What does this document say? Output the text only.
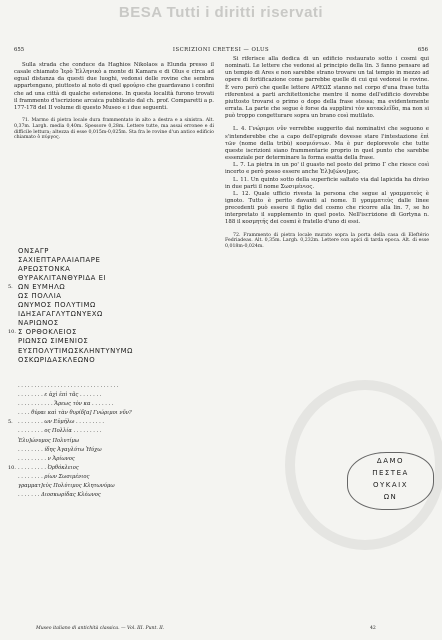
BESA Tutti i diritti riservati
655	ISCRIZIONI CRETESI — OLUS	656

Sulla strada che conduce da Haghios Nikolaos a Elunda presso il casale chiamato Ἰερὸ Ἑλληνικὸ a monte di Kamara e di Olus e circa ad egual distanza da questi due luoghi, vedonsi delle rovine che sembra appartengano, piuttosto al noto di quel φρούριο che guardavano i confini che ad una città di qualche estensione. In questa località furono trovati il frammento d'iscrizione arcaica pubblicato dal ch. prof. Comparetti a p. 177-178 del II volume di questo Museo e i due seguenti.

71. Marmo di pietra locale dura frammentato in alto a destra e a sinistra. Alt. 0,37m. Largh. media 0,40m. Spessore 0,28m. Lettere tutte, ma assai erronee e di difficile lettura; altezza di esse 0,015m-0,025m. Sta fra le rovine d'un antico edificio chiamato ὁ πύργος.

ΟΝΣΑΓΡ
ΣΑΧΙΕΠΤΑΡΛΑΙΑΠΑΡΕ
ΑΡΕΩΣΤΟΝΚΑ
ΘΥΡΑΚΛΙΤΑΝΘΥΡΙΔΑ ΕΙ
5. ΩΝ ΕΥΜΗΛΩ
ΩΣ ΠΟΛΛΙΑ
ΩΝΥΜΟΣ ΠΟΛΥΤΙΜΩ
ΙΔΗΣΑΓΑΓΛΥΤΩΝΥΕΧΩ
ΝΑΡΙΩΝΟΣ
10. Σ ΟΡΘΟΚΛΕΙΟΣ
ΡΙΩΝΣΩ ΣΙΜΕΝΙΟΣ
ΕΥΣΠΟΛΥΤΙΜΩΣΚΛΗΝΤΥΝΥΜΩ
ΟΣΚΩΡΙΔΑΣΚΛΕΩΝΟ
. . . . . . . . . . . . . . . . . . . . . . . . . . . . . . .
. . . . . . . . ε ἀχὶ ἐπὶ τᾶς . . . . . . .
. . . . . . . . . . . Ἄρεως τὸν κα . . . . . . .
. . . . θύραι καὶ τὰν θυρίδ[α] Γνώριμοι νῦν?
5. . . . . . . . . ων Εὐμήλω . . . . . . . . .
. . . . . . . . ος Πολλία . . . . . . . . .
Ἐλυ]ώνυμος Πολυτίμω
. . . . . . . . ίδης Ἀγαγλύτω Ἠύχω
. . . . . . . . . ν Ἀρίωνος
10. . . . . . . . . . Ὀρθόκλειος
. . . . . . . . ρίων Σωσιμένιος
γραμματ]εὺς Πολύτιμος Κλητωνύμω
. . . . . . . Διοσκωρίδας Κλέωνος

Si riferisce alla dedica di un edificio restaurato sotto i cosmi qui nominati. Le lettere che vedonsi al principio della lin. 3 fanno pensare ad un tempio di Ares e non sarebbe strano trovare un tal tempio in mezzo ad opere di fortificazione come parrebbe quelle di cui qui vedonsi le rovine. È vero però che quelle lettere ΑΡΕΩΣ stanno nel corpo d'una frase tutta riferentesi a parti architettoniche mentre il nome dell'edificio dovrebbe piuttosto trovarsi o primo o dopo della frase stessa; ma evidentemente errata. La parte che segue è forse da supplirsi τὸν κατακλεῖδα, ma non si può troppo congetturare sopra un brano così mutilato.

L. 4. Γνώριμοι νῦν verrebbe suggerito dai nominativi che seguono e s'intenderebbe che a capo dell'epigrafe dovesse stare l'intestazione ἐπὶ τῶν (nome della tribù) κοσμιόντων. Ma è pur deplorevole che tutte queste iscrizioni siano frammentarie proprio in quel punto che sarebbe essenziale per determinare la forma esatta della frase.

L. 7. La pietra in un po' il guasto nel posto del primo Γ che riesce così incerto e però posso essere anche Ἐλ]υ[ώνυ]μος.

L. 11. Un quinto sotto della superficie saltato via dal lapicida ha diviso in due parti il nome Σωσιμένιος.

L. 12. Quale ufficio rivesta la persona che segue al γραμματεὺς è ignoto. Tutto è perito davanti al nome. Il γραμματεὺς dalle linee precedenti può essere il figlio del cosmo che ricorre alla lin. 7, se ho interpretato il supplemento in quel posto. Nell'iscrizione di Gortyna n. 188 il κοσμητής dei cosmi è fratello d'uno di essi.

72. Frammento di pietra locale murato sopra la porta della casa di Eleftério Fedriadeas. Alt. 0,35m. Largh. 0,232m. Lettere con apici di tarda epoca. Alt. di esse 0,018m-0,024m.

ΔΑΜΟ
ΠΕΣΤΕΑ
ΟΥΚΑΙΧ
ΩΝ
Museo italiano di antichità classica. — Vol. III. Punt. II.	42
